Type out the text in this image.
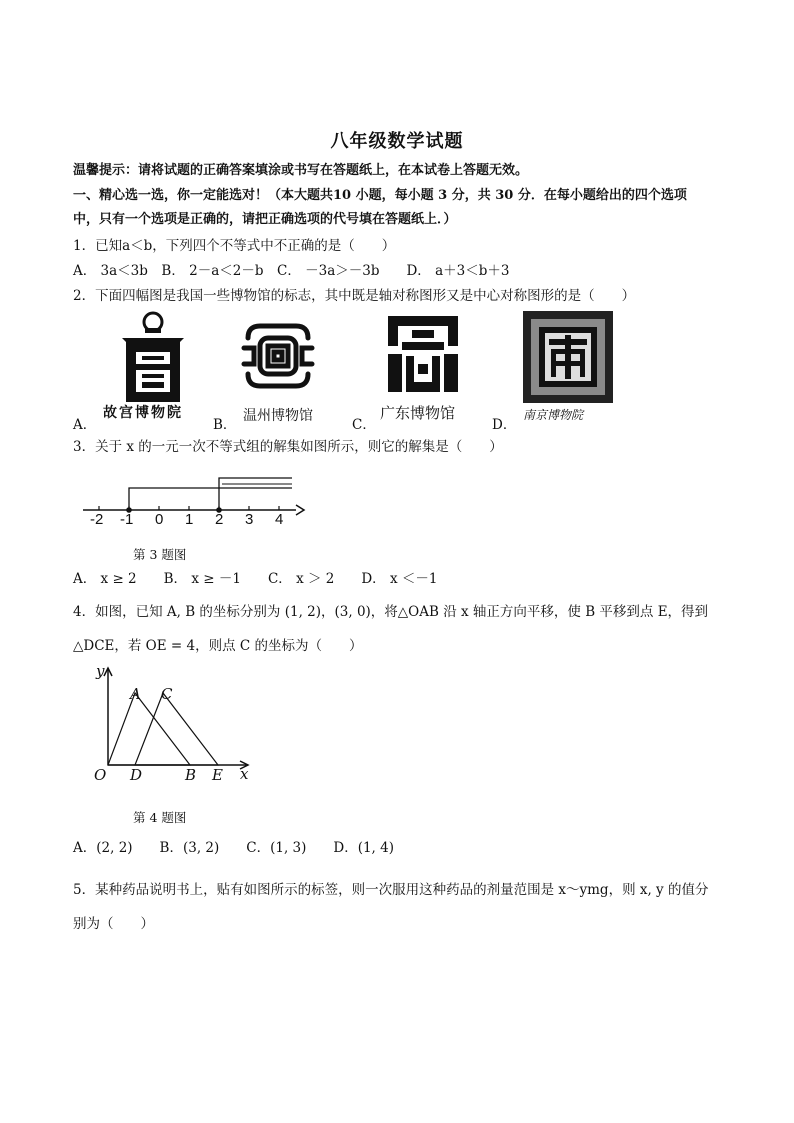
八年级数学试题
温馨提示：请将试题的正确答案填涂或书写在答题纸上，在本试卷上答题无效。
一、精心选一选，你一定能选对！（本大题共10 小题，每小题 3 分，共 30 分．在每小题给出的四个选项
中，只有一个选项是正确的，请把正确选项的代号填在答题纸上．）
1．已知a＜b，下列四个不等式中不正确的是（　　）
A． 3a＜3b　B． 2－a＜2－b　C． －3a＞－3b　　D． a＋3＜b＋3
2．下面四幅图是我国一些博物馆的标志，其中既是轴对称图形又是中心对称图形的是（　　）
A．
故宫博物院
B．
温州博物馆
C．
广东博物馆
D．
南京博物院
3．关于 x 的一元一次不等式组的解集如图所示，则它的解集是（　　）
-2 -1 0 1 2 3 4
第 3 题图
A． x ≥ 2　　B． x ≥ －1　　C． x ＞ 2　　D． x ＜－1
4．如图，已知 A, B 的坐标分别为 (1, 2)，(3, 0)，将△OAB 沿 x 轴正方向平移，使 B 平移到点 E，得到
△DCE，若 OE = 4，则点 C 的坐标为（　　）
y
x
A C
O D	B E
第 4 题图
A．(2, 2)　　B．(3, 2)　　C．(1, 3)　　D．(1, 4)
5．某种药品说明书上，贴有如图所示的标签，则一次服用这种药品的剂量范围是 x～ymg，则 x, y 的值分
别为（　　）
